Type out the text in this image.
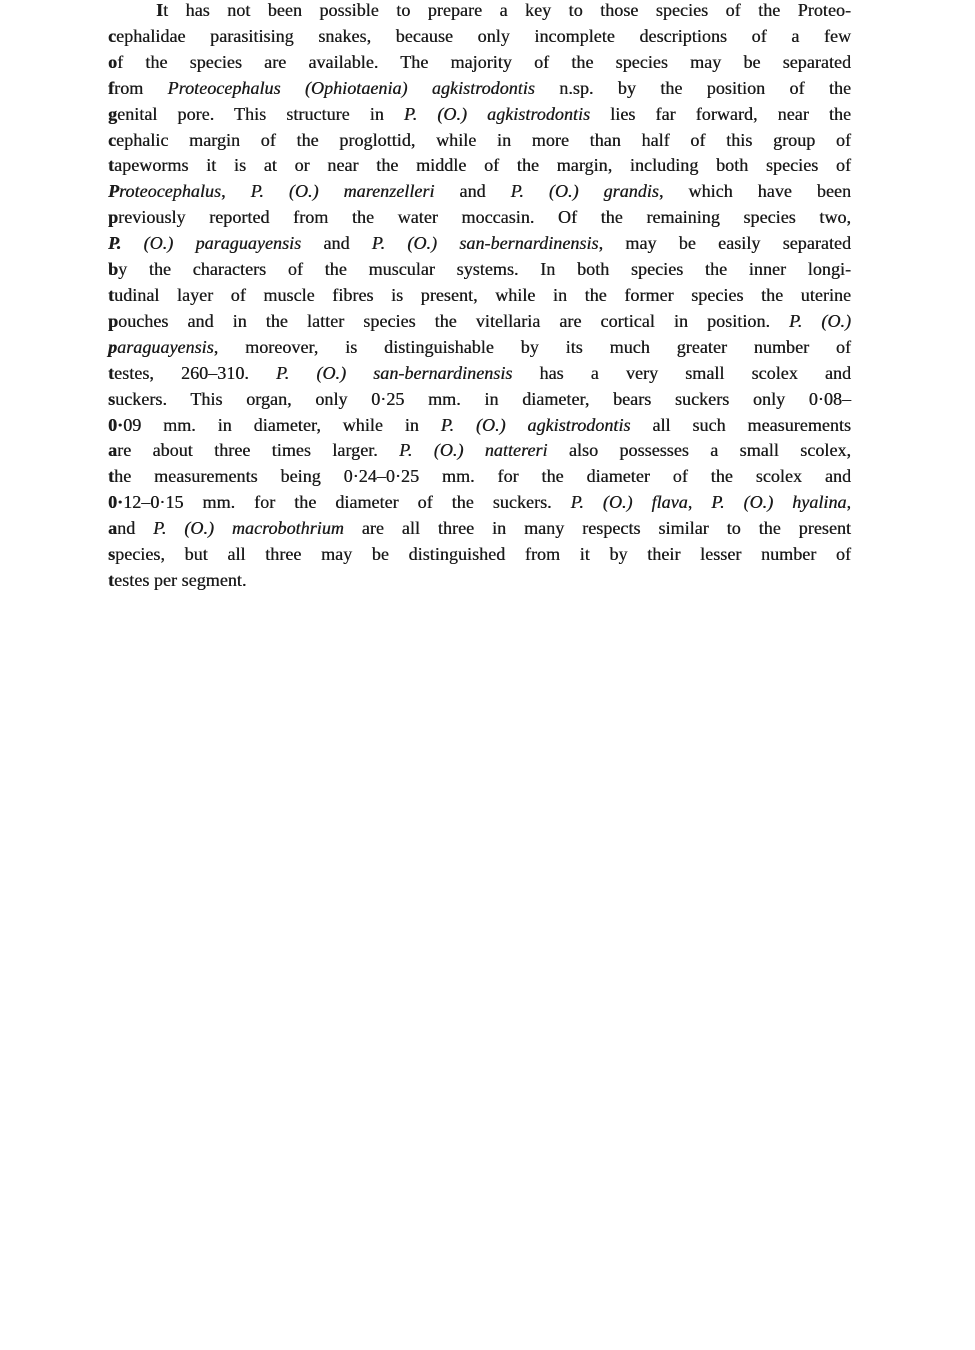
It has not been possible to prepare a key to those species of the Proteo-
cephalidae parasitising snakes, because only incomplete descriptions of a few
of the species are available. The majority of the species may be separated
from Proteocephalus (Ophiotaenia) agkistrodontis n.sp. by the position of the
genital pore. This structure in P. (O.) agkistrodontis lies far forward, near the
cephalic margin of the proglottid, while in more than half of this group of
tapeworms it is at or near the middle of the margin, including both species of
Proteocephalus, P. (O.) marenzelleri and P. (O.) grandis, which have been
previously reported from the water moccasin. Of the remaining species two,
P. (O.) paraguayensis and P. (O.) san-bernardinensis, may be easily separated
by the characters of the muscular systems. In both species the inner longi-
tudinal layer of muscle fibres is present, while in the former species the uterine
pouches and in the latter species the vitellaria are cortical in position. P. (O.)
paraguayensis, moreover, is distinguishable by its much greater number of
testes, 260–310. P. (O.) san-bernardinensis has a very small scolex and
suckers. This organ, only 0·25 mm. in diameter, bears suckers only 0·08–
0·09 mm. in diameter, while in P. (O.) agkistrodontis all such measurements
are about three times larger. P. (O.) nattereri also possesses a small scolex,
the measurements being 0·24–0·25 mm. for the diameter of the scolex and
0·12–0·15 mm. for the diameter of the suckers. P. (O.) flava, P. (O.) hyalina,
and P. (O.) macrobothrium are all three in many respects similar to the present
species, but all three may be distinguished from it by their lesser number of
testes per segment.
